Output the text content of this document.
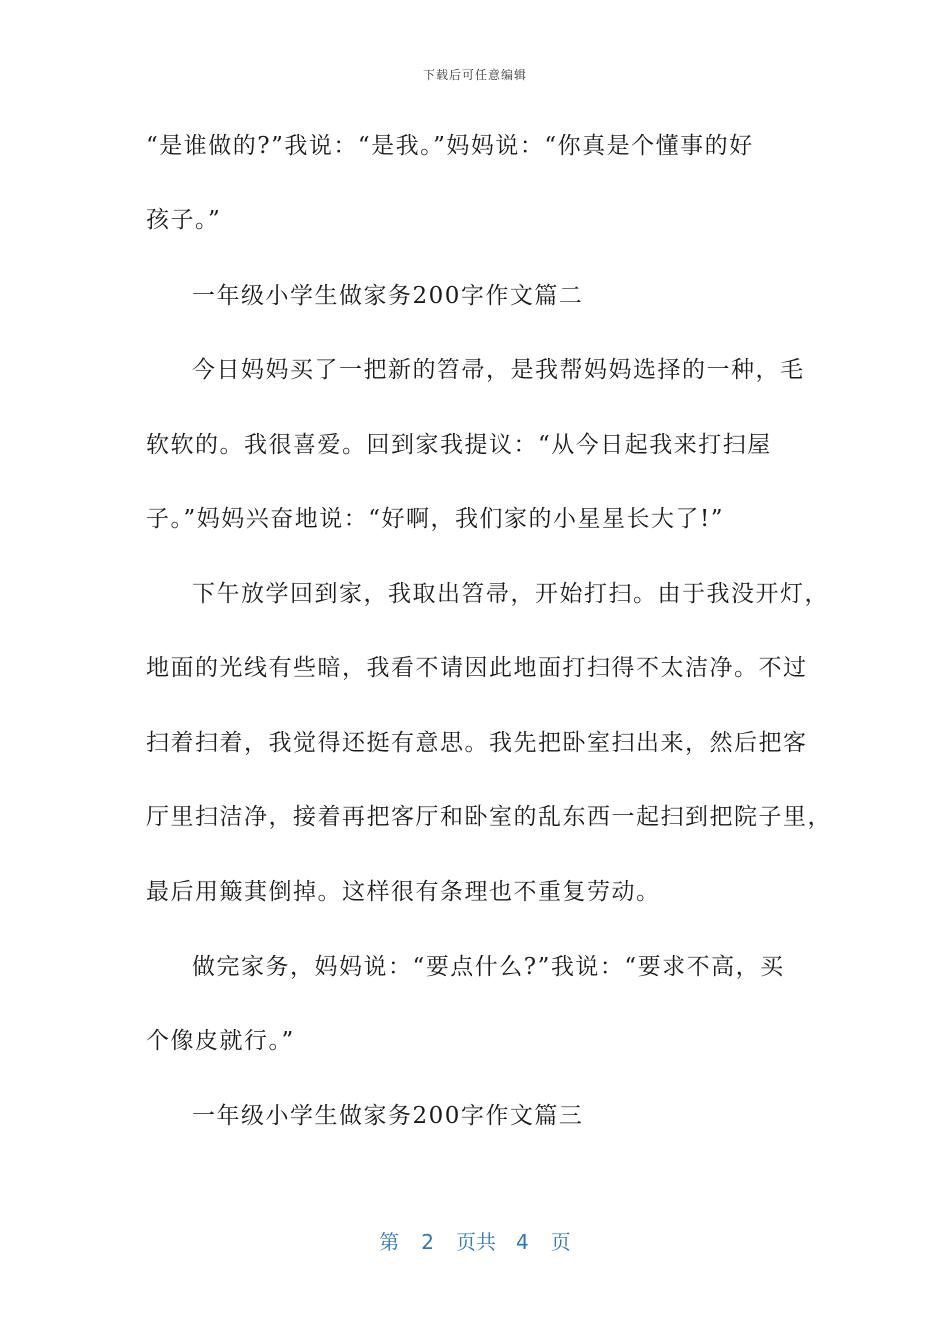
下载后可任意编辑
“是谁做的?”我说：“是我。”妈妈说：“你真是个懂事的好
孩子。”
一年级小学生做家务200字作文篇二
今日妈妈买了一把新的笤帚，是我帮妈妈选择的一种，毛
软软的。我很喜爱。回到家我提议：“从今日起我来打扫屋
子。”妈妈兴奋地说：“好啊，我们家的小星星长大了!”
下午放学回到家，我取出笤帚，开始打扫。由于我没开灯，
地面的光线有些暗，我看不请因此地面打扫得不太洁净。不过
扫着扫着，我觉得还挺有意思。我先把卧室扫出来，然后把客
厅里扫洁净，接着再把客厅和卧室的乱东西一起扫到把院子里，
最后用簸萁倒掉。这样很有条理也不重复劳动。
做完家务，妈妈说：“要点什么?”我说：“要求不高，买
个像皮就行。”
一年级小学生做家务200字作文篇三
第 2 页共 4 页
